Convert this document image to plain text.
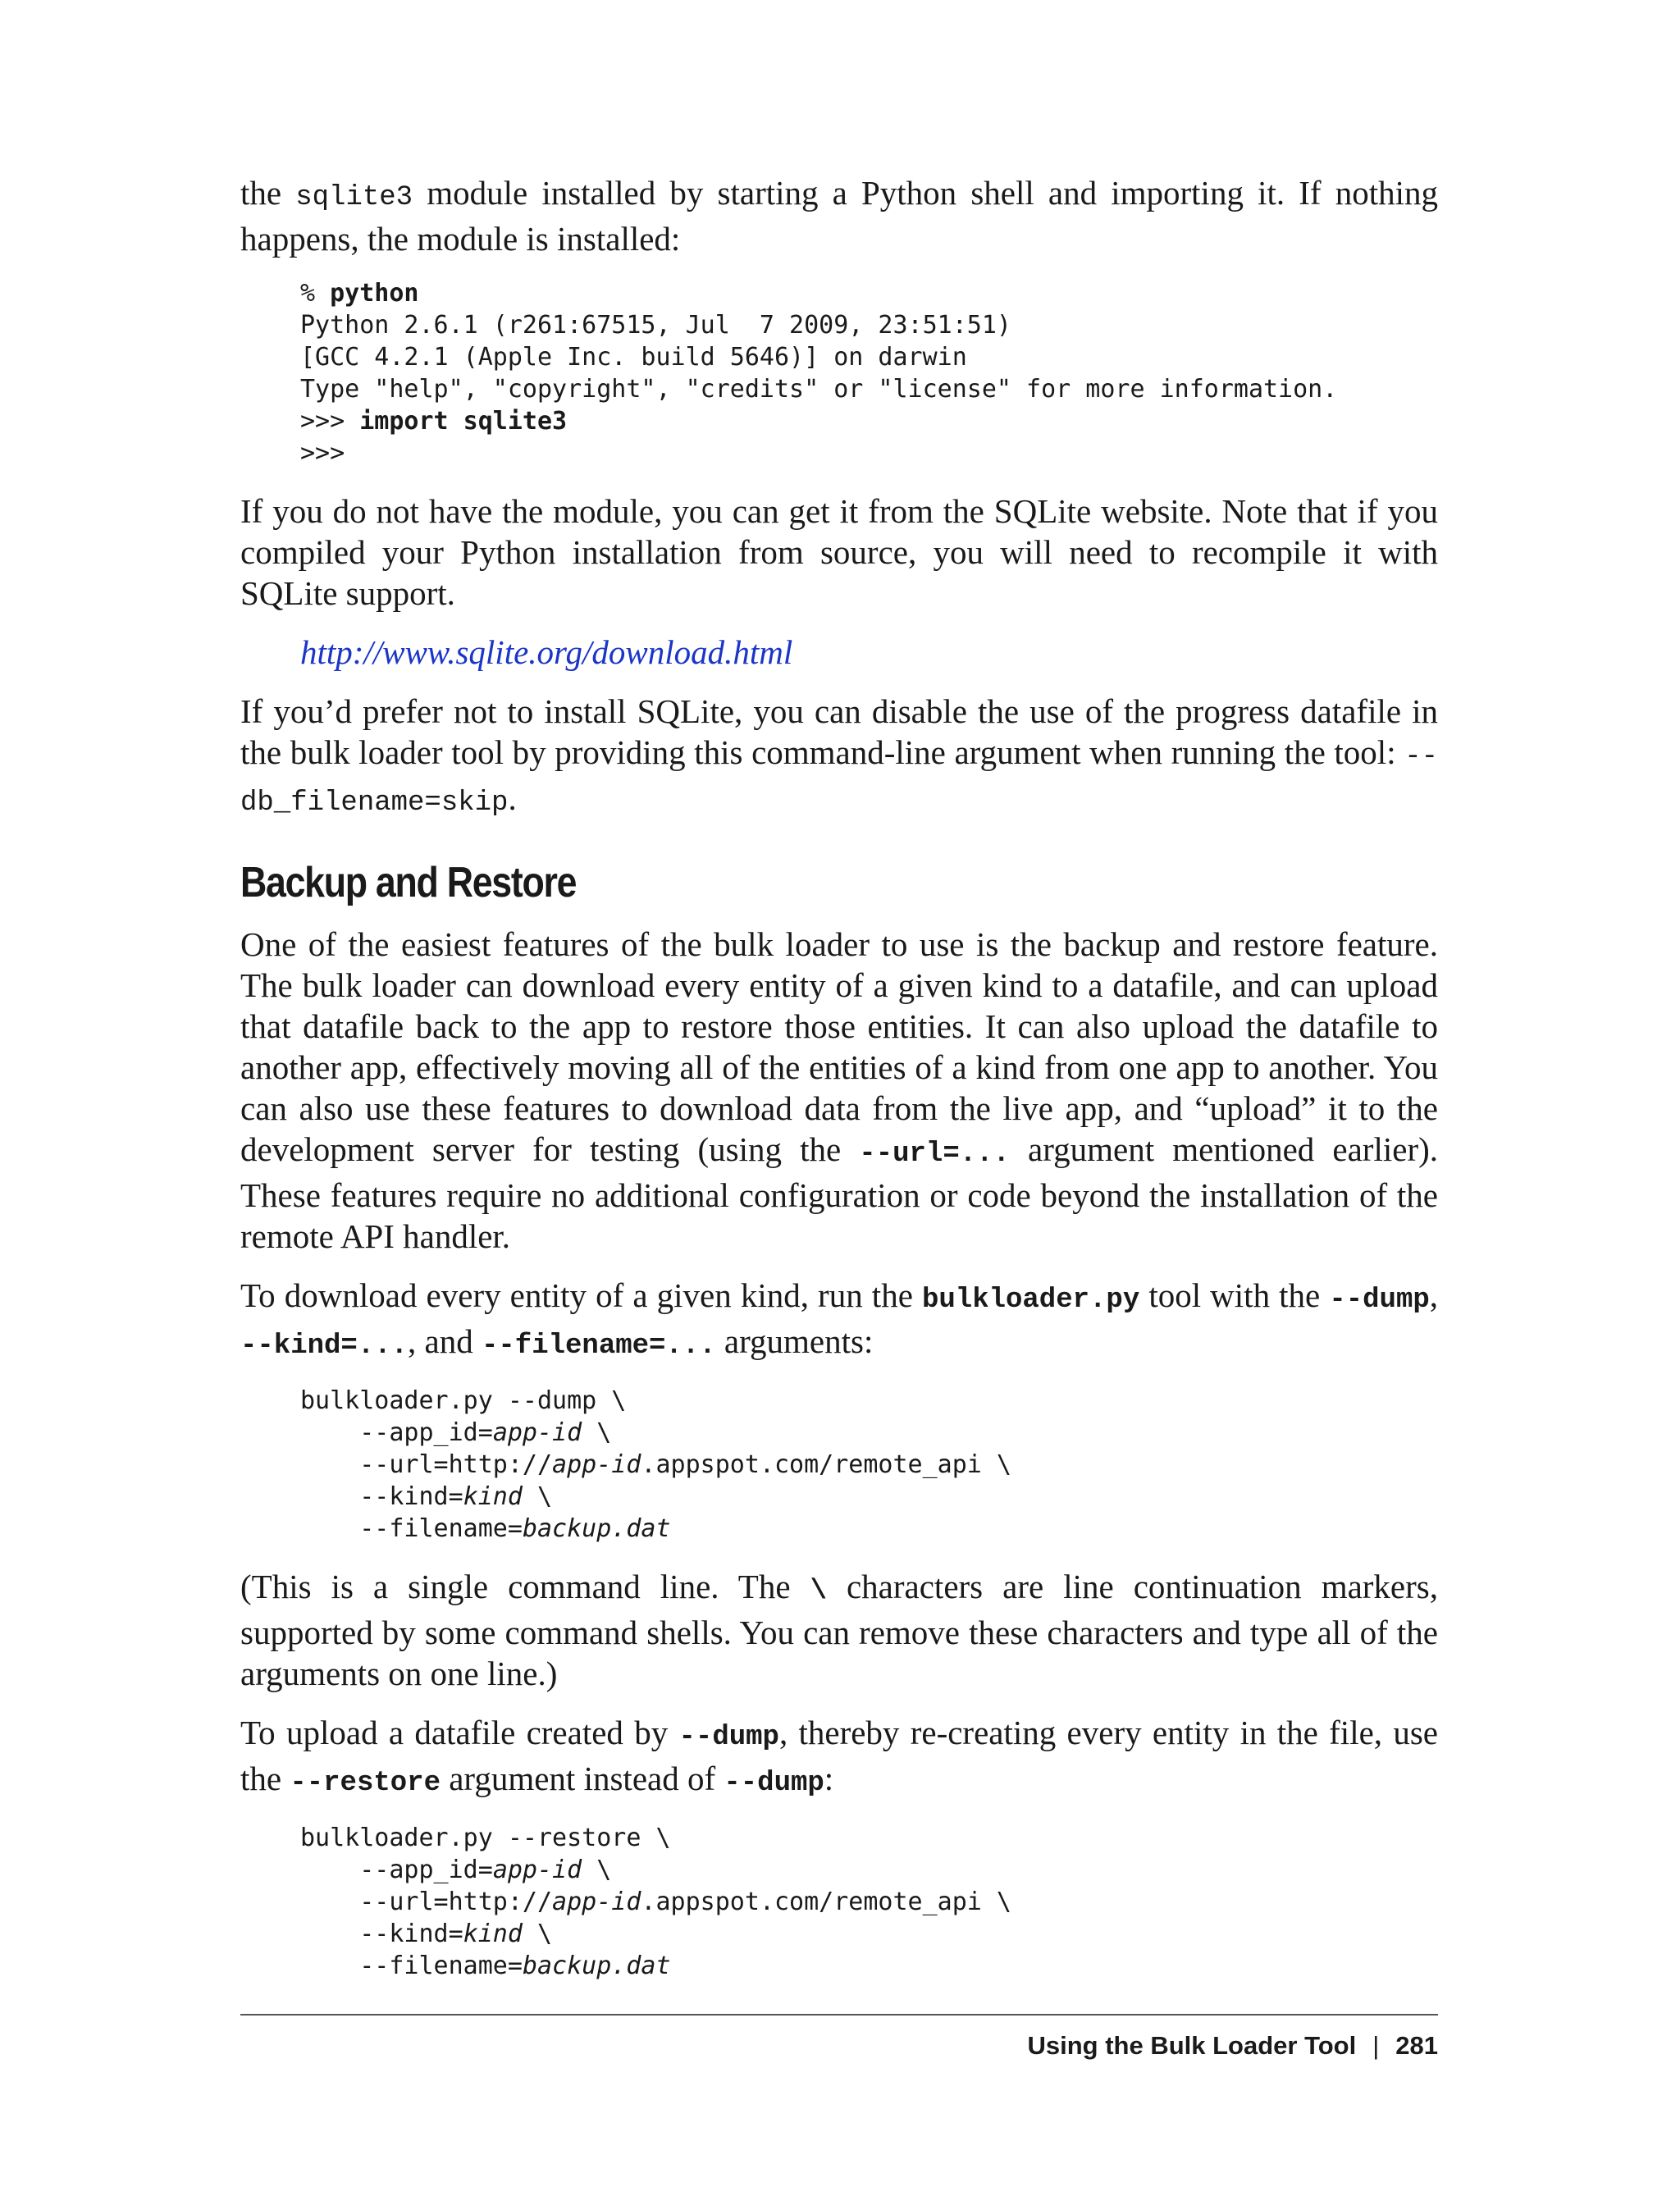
the sqlite3 module installed by starting a Python shell and importing it. If nothing happens, the module is installed:

% python
Python 2.6.1 (r261:67515, Jul  7 2009, 23:51:51)
[GCC 4.2.1 (Apple Inc. build 5646)] on darwin
Type "help", "copyright", "credits" or "license" for more information.
>>> import sqlite3
>>>

If you do not have the module, you can get it from the SQLite website. Note that if you compiled your Python installation from source, you will need to recompile it with SQLite support.

http://www.sqlite.org/download.html

If you’d prefer not to install SQLite, you can disable the use of the progress datafile in the bulk loader tool by providing this command-line argument when running the tool: --db_filename=skip.

Backup and Restore

One of the easiest features of the bulk loader to use is the backup and restore feature. The bulk loader can download every entity of a given kind to a datafile, and can upload that datafile back to the app to restore those entities. It can also upload the datafile to another app, effectively moving all of the entities of a kind from one app to another. You can also use these features to download data from the live app, and “upload” it to the development server for testing (using the --url=... argument mentioned earlier). These features require no additional configuration or code beyond the installation of the remote API handler.

To download every entity of a given kind, run the bulkloader.py tool with the --dump, --kind=..., and --filename=... arguments:

bulkloader.py --dump \
--app_id=app-id \
--url=http://app-id.appspot.com/remote_api \
--kind=kind \
--filename=backup.dat

(This is a single command line. The \ characters are line continuation markers, supported by some command shells. You can remove these characters and type all of the arguments on one line.)

To upload a datafile created by --dump, thereby re-creating every entity in the file, use the --restore argument instead of --dump:

bulkloader.py --restore \
--app_id=app-id \
--url=http://app-id.appspot.com/remote_api \
--kind=kind \
--filename=backup.dat
Using the Bulk Loader Tool | 281
